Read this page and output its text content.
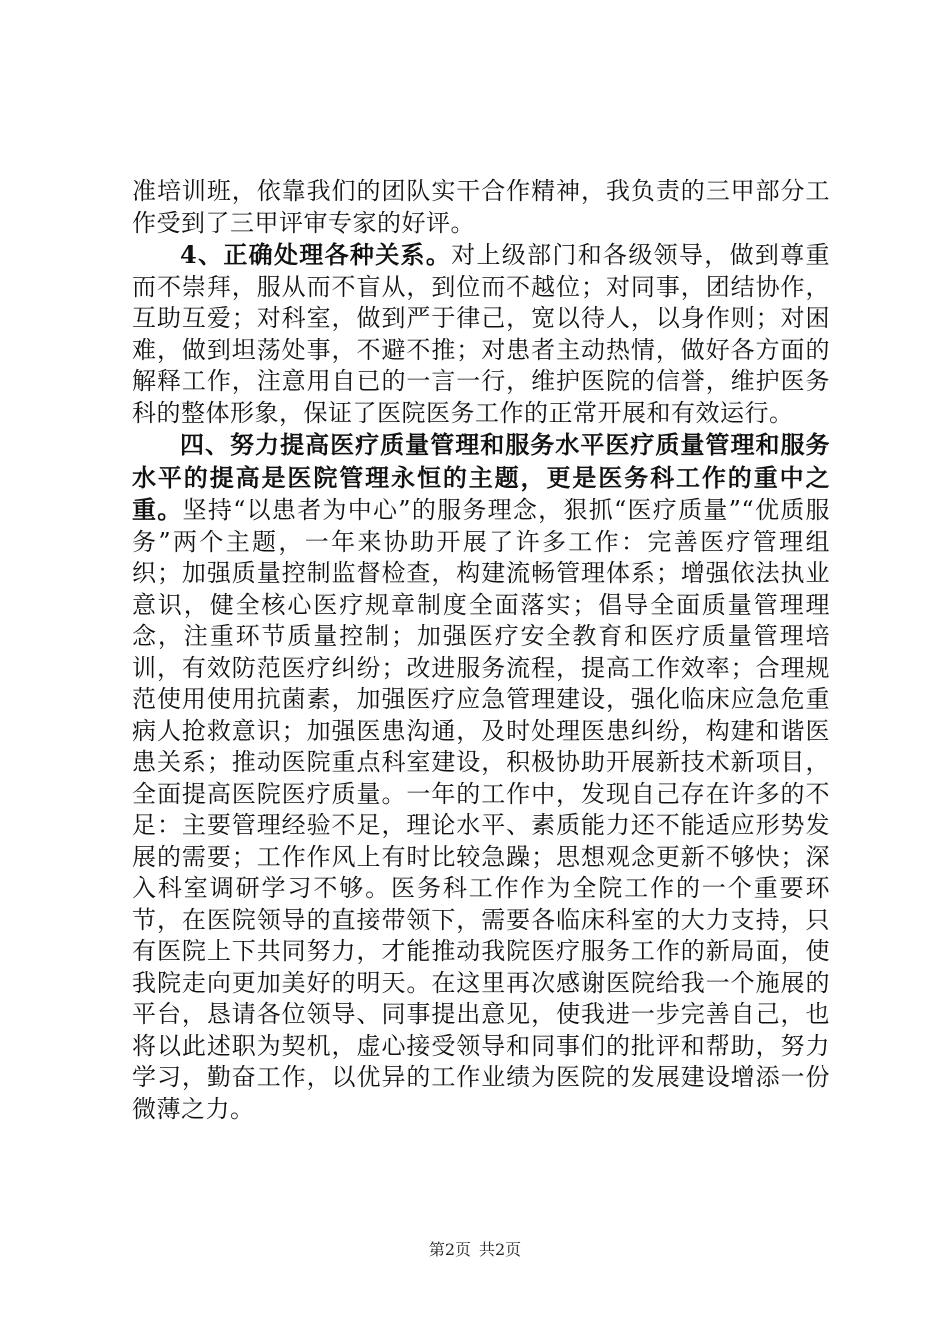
准培训班，依靠我们的团队实干合作精神，我负责的三甲部分工作受到了三甲评审专家的好评。

4、正确处理各种关系。对上级部门和各级领导，做到尊重而不崇拜，服从而不盲从，到位而不越位；对同事，团结协作，互助互爱；对科室，做到严于律己，宽以待人，以身作则；对困难，做到坦荡处事，不避不推；对患者主动热情，做好各方面的解释工作，注意用自已的一言一行，维护医院的信誉，维护医务科的整体形象，保证了医院医务工作的正常开展和有效运行。

四、努力提高医疗质量管理和服务水平医疗质量管理和服务水平的提高是医院管理永恒的主题，更是医务科工作的重中之重。坚持“以患者为中心”的服务理念，狠抓“医疗质量”“优质服务”两个主题，一年来协助开展了许多工作：完善医疗管理组织；加强质量控制监督检查，构建流畅管理体系；增强依法执业意识，健全核心医疗规章制度全面落实；倡导全面质量管理理念，注重环节质量控制；加强医疗安全教育和医疗质量管理培训，有效防范医疗纠纷；改进服务流程，提高工作效率；合理规范使用使用抗菌素，加强医疗应急管理建设，强化临床应急危重病人抢救意识；加强医患沟通，及时处理医患纠纷，构建和谐医患关系；推动医院重点科室建设，积极协助开展新技术新项目，全面提高医院医疗质量。一年的工作中，发现自己存在许多的不足：主要管理经验不足，理论水平、素质能力还不能适应形势发展的需要；工作作风上有时比较急躁；思想观念更新不够快；深入科室调研学习不够。医务科工作作为全院工作的一个重要环节，在医院领导的直接带领下，需要各临床科室的大力支持，只有医院上下共同努力，才能推动我院医疗服务工作的新局面，使我院走向更加美好的明天。在这里再次感谢医院给我一个施展的平台，恳请各位领导、同事提出意见，使我进一步完善自己，也将以此述职为契机，虚心接受领导和同事们的批评和帮助，努力学习，勤奋工作，以优异的工作业绩为医院的发展建设增添一份微薄之力。

第2页 共2页
